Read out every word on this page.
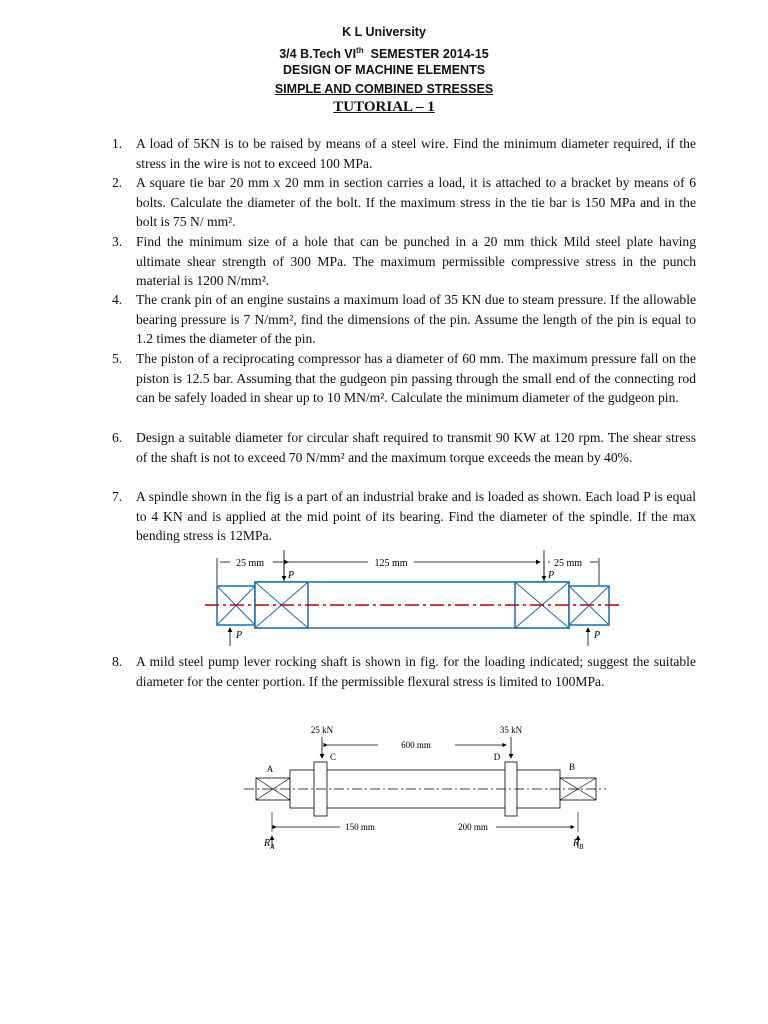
K L University
3/4 B.Tech VIth  SEMESTER 2014-15
DESIGN OF MACHINE ELEMENTS
SIMPLE AND COMBINED STRESSES
TUTORIAL – 1
1. A load of 5KN is to be raised by means of a steel wire. Find the minimum diameter required, if the stress in the wire is not to exceed 100 MPa.
2. A square tie bar 20 mm x 20 mm in section carries a load, it is attached to a bracket by means of 6 bolts. Calculate the diameter of the bolt. If the maximum stress in the tie bar is 150 MPa and in the bolt is 75 N/ mm².
3. Find the minimum size of a hole that can be punched in a 20 mm thick Mild steel plate having ultimate shear strength of 300 MPa. The maximum permissible compressive stress in the punch material is 1200 N/mm².
4. The crank pin of an engine sustains a maximum load of 35 KN due to steam pressure. If the allowable bearing pressure is 7 N/mm², find the dimensions of the pin. Assume the length of the pin is equal to 1.2 times the diameter of the pin.
5. The piston of a reciprocating compressor has a diameter of 60 mm. The maximum pressure fall on the piston is 12.5 bar. Assuming that the gudgeon pin passing through the small end of the connecting rod can be safely loaded in shear up to 10 MN/m². Calculate the minimum diameter of the gudgeon pin.
6. Design a suitable diameter for circular shaft required to transmit 90 KW at 120 rpm. The shear stress of the shaft is not to exceed 70 N/mm² and the maximum torque exceeds the mean by 40%.
7. A spindle shown in the fig is a part of an industrial brake and is loaded as shown. Each load P is equal to 4 KN and is applied at the mid point of its bearing. Find the diameter of the spindle. If the max bending stress is 12MPa.
8. A mild steel pump lever rocking shaft is shown in fig. for the loading indicated; suggest the suitable diameter for the center portion. If the permissible flexural stress is limited to 100MPa.
25 mm	125 mm	25 mm
P	P
P	P
25 kN	35 kN
600 mm
A	B
C	D
150 mm	200 mm
$R_A$	$R_B$
